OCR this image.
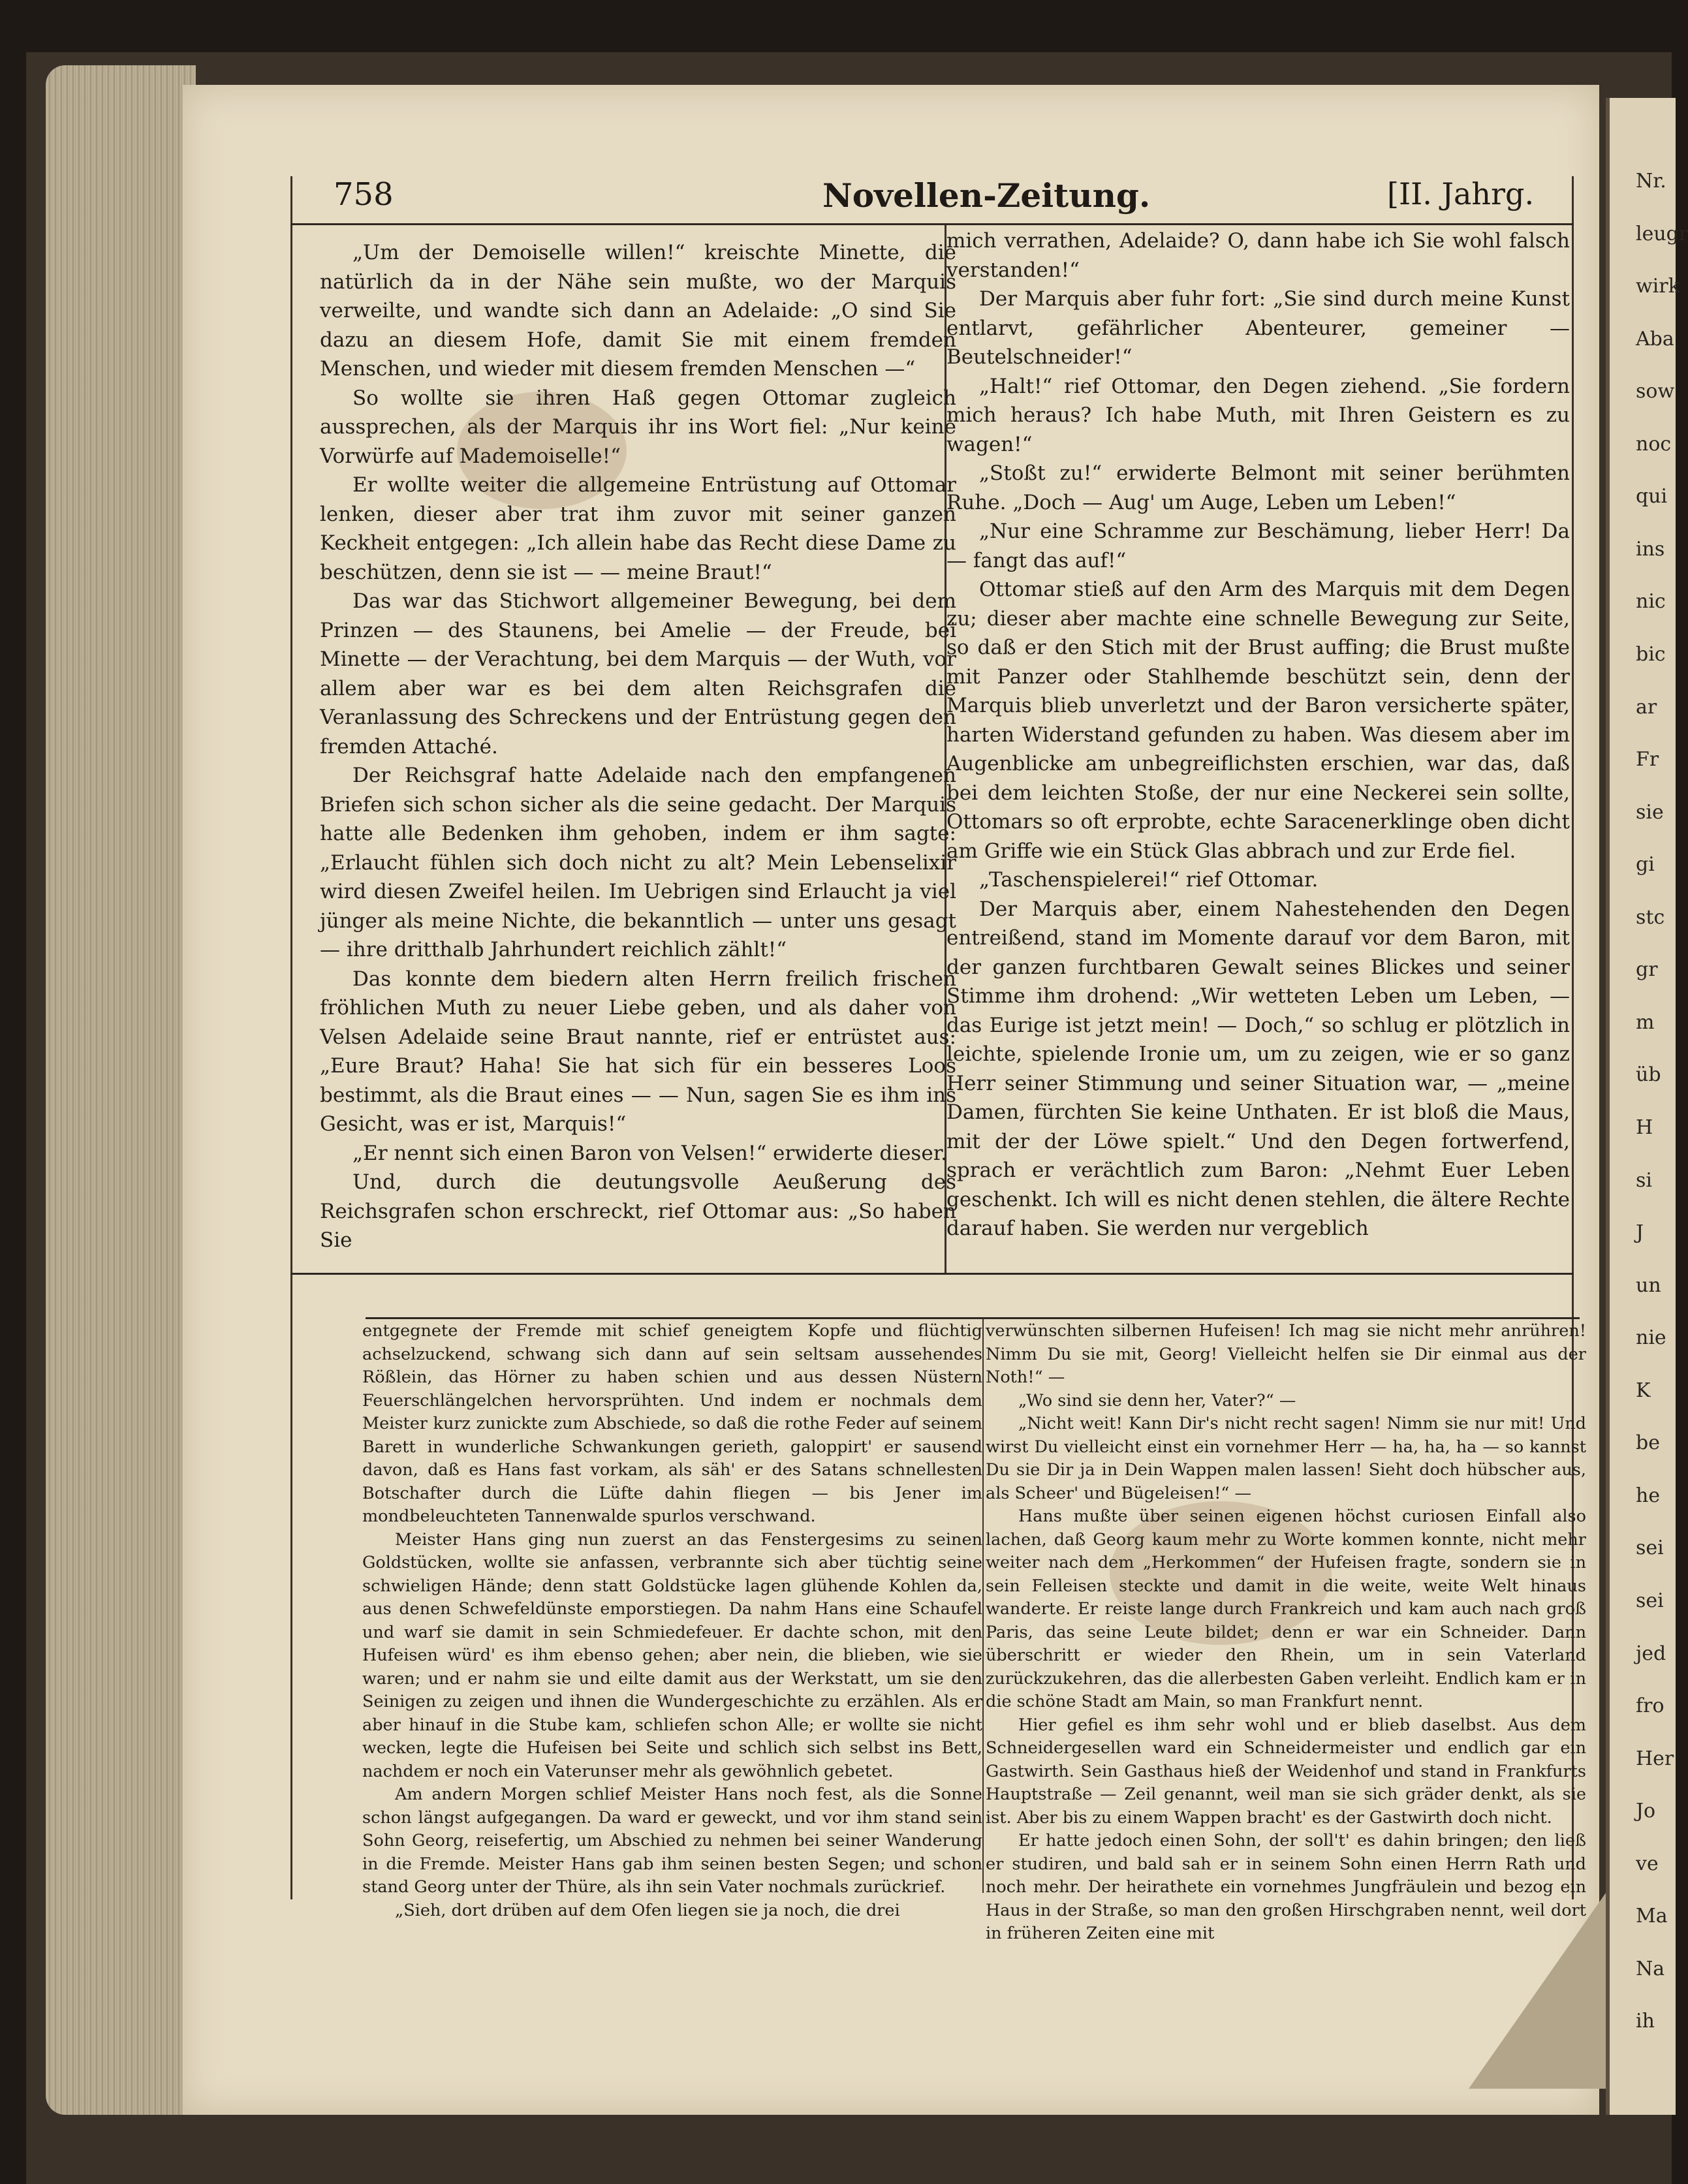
Nr.
leugr
wirk
Aba
sow
noc
qui
ins
nic
bic
ar
Fr
sie
gi
stc
gr
m
üb
H
si
J
un
nie
K
be
he
sei
sei
jed
fro
Her
Jo
ve
Ma
Na
ih
758	Novellen-Zeitung.	[II. Jahrg.

„Um der Demoiselle willen!“ kreischte Minette, die natürlich da in der Nähe sein mußte, wo der Marquis verweilte, und wandte sich dann an Adelaide: „O sind Sie dazu an diesem Hofe, damit Sie mit einem fremden Menschen, und wieder mit diesem fremden Menschen —“

So wollte sie ihren Haß gegen Ottomar zugleich aussprechen, als der Marquis ihr ins Wort fiel: „Nur keine Vorwürfe auf Mademoiselle!“

Er wollte weiter die allgemeine Entrüstung auf Ottomar lenken, dieser aber trat ihm zuvor mit seiner ganzen Keckheit entgegen: „Ich allein habe das Recht diese Dame zu beschützen, denn sie ist — — meine Braut!“

Das war das Stichwort allgemeiner Bewegung, bei dem Prinzen — des Staunens, bei Amelie — der Freude, bei Minette — der Verachtung, bei dem Marquis — der Wuth, vor allem aber war es bei dem alten Reichsgrafen die Veranlassung des Schreckens und der Entrüstung gegen den fremden Attaché.

Der Reichsgraf hatte Adelaide nach den empfangenen Briefen sich schon sicher als die seine gedacht. Der Marquis hatte alle Bedenken ihm gehoben, indem er ihm sagte: „Erlaucht fühlen sich doch nicht zu alt? Mein Lebenselixir wird diesen Zweifel heilen. Im Uebrigen sind Erlaucht ja viel jünger als meine Nichte, die bekanntlich — unter uns gesagt — ihre dritthalb Jahrhundert reichlich zählt!“

Das konnte dem biedern alten Herrn freilich frischen fröhlichen Muth zu neuer Liebe geben, und als daher von Velsen Adelaide seine Braut nannte, rief er entrüstet aus: „Eure Braut? Haha! Sie hat sich für ein besseres Loos bestimmt, als die Braut eines — — Nun, sagen Sie es ihm ins Gesicht, was er ist, Marquis!“

„Er nennt sich einen Baron von Velsen!“ erwiderte dieser.

Und, durch die deutungsvolle Aeußerung des Reichsgrafen schon erschreckt, rief Ottomar aus: „So haben Sie

mich verrathen, Adelaide? O, dann habe ich Sie wohl falsch verstanden!“

Der Marquis aber fuhr fort: „Sie sind durch meine Kunst entlarvt, gefährlicher Abenteurer, gemeiner — Beutelschneider!“

„Halt!“ rief Ottomar, den Degen ziehend. „Sie fordern mich heraus? Ich habe Muth, mit Ihren Geistern es zu wagen!“

„Stoßt zu!“ erwiderte Belmont mit seiner berühmten Ruhe. „Doch — Aug' um Auge, Leben um Leben!“

„Nur eine Schramme zur Beschämung, lieber Herr! Da — fangt das auf!“

Ottomar stieß auf den Arm des Marquis mit dem Degen zu; dieser aber machte eine schnelle Bewegung zur Seite, so daß er den Stich mit der Brust auffing; die Brust mußte mit Panzer oder Stahlhemde beschützt sein, denn der Marquis blieb unverletzt und der Baron versicherte später, harten Widerstand gefunden zu haben. Was diesem aber im Augenblicke am unbegreiflichsten erschien, war das, daß bei dem leichten Stoße, der nur eine Neckerei sein sollte, Ottomars so oft erprobte, echte Saracenerklinge oben dicht am Griffe wie ein Stück Glas abbrach und zur Erde fiel.

„Taschenspielerei!“ rief Ottomar.

Der Marquis aber, einem Nahestehenden den Degen entreißend, stand im Momente darauf vor dem Baron, mit der ganzen furchtbaren Gewalt seines Blickes und seiner Stimme ihm drohend: „Wir wetteten Leben um Leben, — das Eurige ist jetzt mein! — Doch,“ so schlug er plötzlich in leichte, spielende Ironie um, um zu zeigen, wie er so ganz Herr seiner Stimmung und seiner Situation war, — „meine Damen, fürchten Sie keine Unthaten. Er ist bloß die Maus, mit der der Löwe spielt.“ Und den Degen fortwerfend, sprach er verächtlich zum Baron: „Nehmt Euer Leben geschenkt. Ich will es nicht denen stehlen, die ältere Rechte darauf haben. Sie werden nur vergeblich

entgegnete der Fremde mit schief geneigtem Kopfe und flüchtig achselzuckend, schwang sich dann auf sein seltsam aussehendes Rößlein, das Hörner zu haben schien und aus dessen Nüstern Feuerschlängelchen hervorsprühten. Und indem er nochmals dem Meister kurz zunickte zum Abschiede, so daß die rothe Feder auf seinem Barett in wunderliche Schwankungen gerieth, galoppirt' er sausend davon, daß es Hans fast vorkam, als säh' er des Satans schnellesten Botschafter durch die Lüfte dahin fliegen — bis Jener im mondbeleuchteten Tannenwalde spurlos verschwand.

Meister Hans ging nun zuerst an das Fenstergesims zu seinen Goldstücken, wollte sie anfassen, verbrannte sich aber tüchtig seine schwieligen Hände; denn statt Goldstücke lagen glühende Kohlen da, aus denen Schwefeldünste emporstiegen. Da nahm Hans eine Schaufel und warf sie damit in sein Schmiedefeuer. Er dachte schon, mit den Hufeisen würd' es ihm ebenso gehen; aber nein, die blieben, wie sie waren; und er nahm sie und eilte damit aus der Werkstatt, um sie den Seinigen zu zeigen und ihnen die Wundergeschichte zu erzählen. Als er aber hinauf in die Stube kam, schliefen schon Alle; er wollte sie nicht wecken, legte die Hufeisen bei Seite und schlich sich selbst ins Bett, nachdem er noch ein Vaterunser mehr als gewöhnlich gebetet.

Am andern Morgen schlief Meister Hans noch fest, als die Sonne schon längst aufgegangen. Da ward er geweckt, und vor ihm stand sein Sohn Georg, reisefertig, um Abschied zu nehmen bei seiner Wanderung in die Fremde. Meister Hans gab ihm seinen besten Segen; und schon stand Georg unter der Thüre, als ihn sein Vater nochmals zurückrief.

„Sieh, dort drüben auf dem Ofen liegen sie ja noch, die drei

verwünschten silbernen Hufeisen! Ich mag sie nicht mehr anrühren! Nimm Du sie mit, Georg! Vielleicht helfen sie Dir einmal aus der Noth!“ —

„Wo sind sie denn her, Vater?“ —

„Nicht weit! Kann Dir's nicht recht sagen! Nimm sie nur mit! Und wirst Du vielleicht einst ein vornehmer Herr — ha, ha, ha — so kannst Du sie Dir ja in Dein Wappen malen lassen! Sieht doch hübscher aus, als Scheer' und Bügeleisen!“ —

Hans mußte über seinen eigenen höchst curiosen Einfall also lachen, daß Georg kaum mehr zu Worte kommen konnte, nicht mehr weiter nach dem „Herkommen“ der Hufeisen fragte, sondern sie in sein Felleisen steckte und damit in die weite, weite Welt hinaus wanderte. Er reiste lange durch Frankreich und kam auch nach groß Paris, das seine Leute bildet; denn er war ein Schneider. Dann überschritt er wieder den Rhein, um in sein Vaterland zurückzukehren, das die allerbesten Gaben verleiht. Endlich kam er in die schöne Stadt am Main, so man Frankfurt nennt.

Hier gefiel es ihm sehr wohl und er blieb daselbst. Aus dem Schneidergesellen ward ein Schneidermeister und endlich gar ein Gastwirth. Sein Gasthaus hieß der Weidenhof und stand in Frankfurts Hauptstraße — Zeil genannt, weil man sie sich gräder denkt, als sie ist. Aber bis zu einem Wappen bracht' es der Gastwirth doch nicht.

Er hatte jedoch einen Sohn, der soll't' es dahin bringen; den ließ er studiren, und bald sah er in seinem Sohn einen Herrn Rath und noch mehr. Der heirathete ein vornehmes Jungfräulein und bezog ein Haus in der Straße, so man den großen Hirschgraben nennt, weil dort in früheren Zeiten eine mit
